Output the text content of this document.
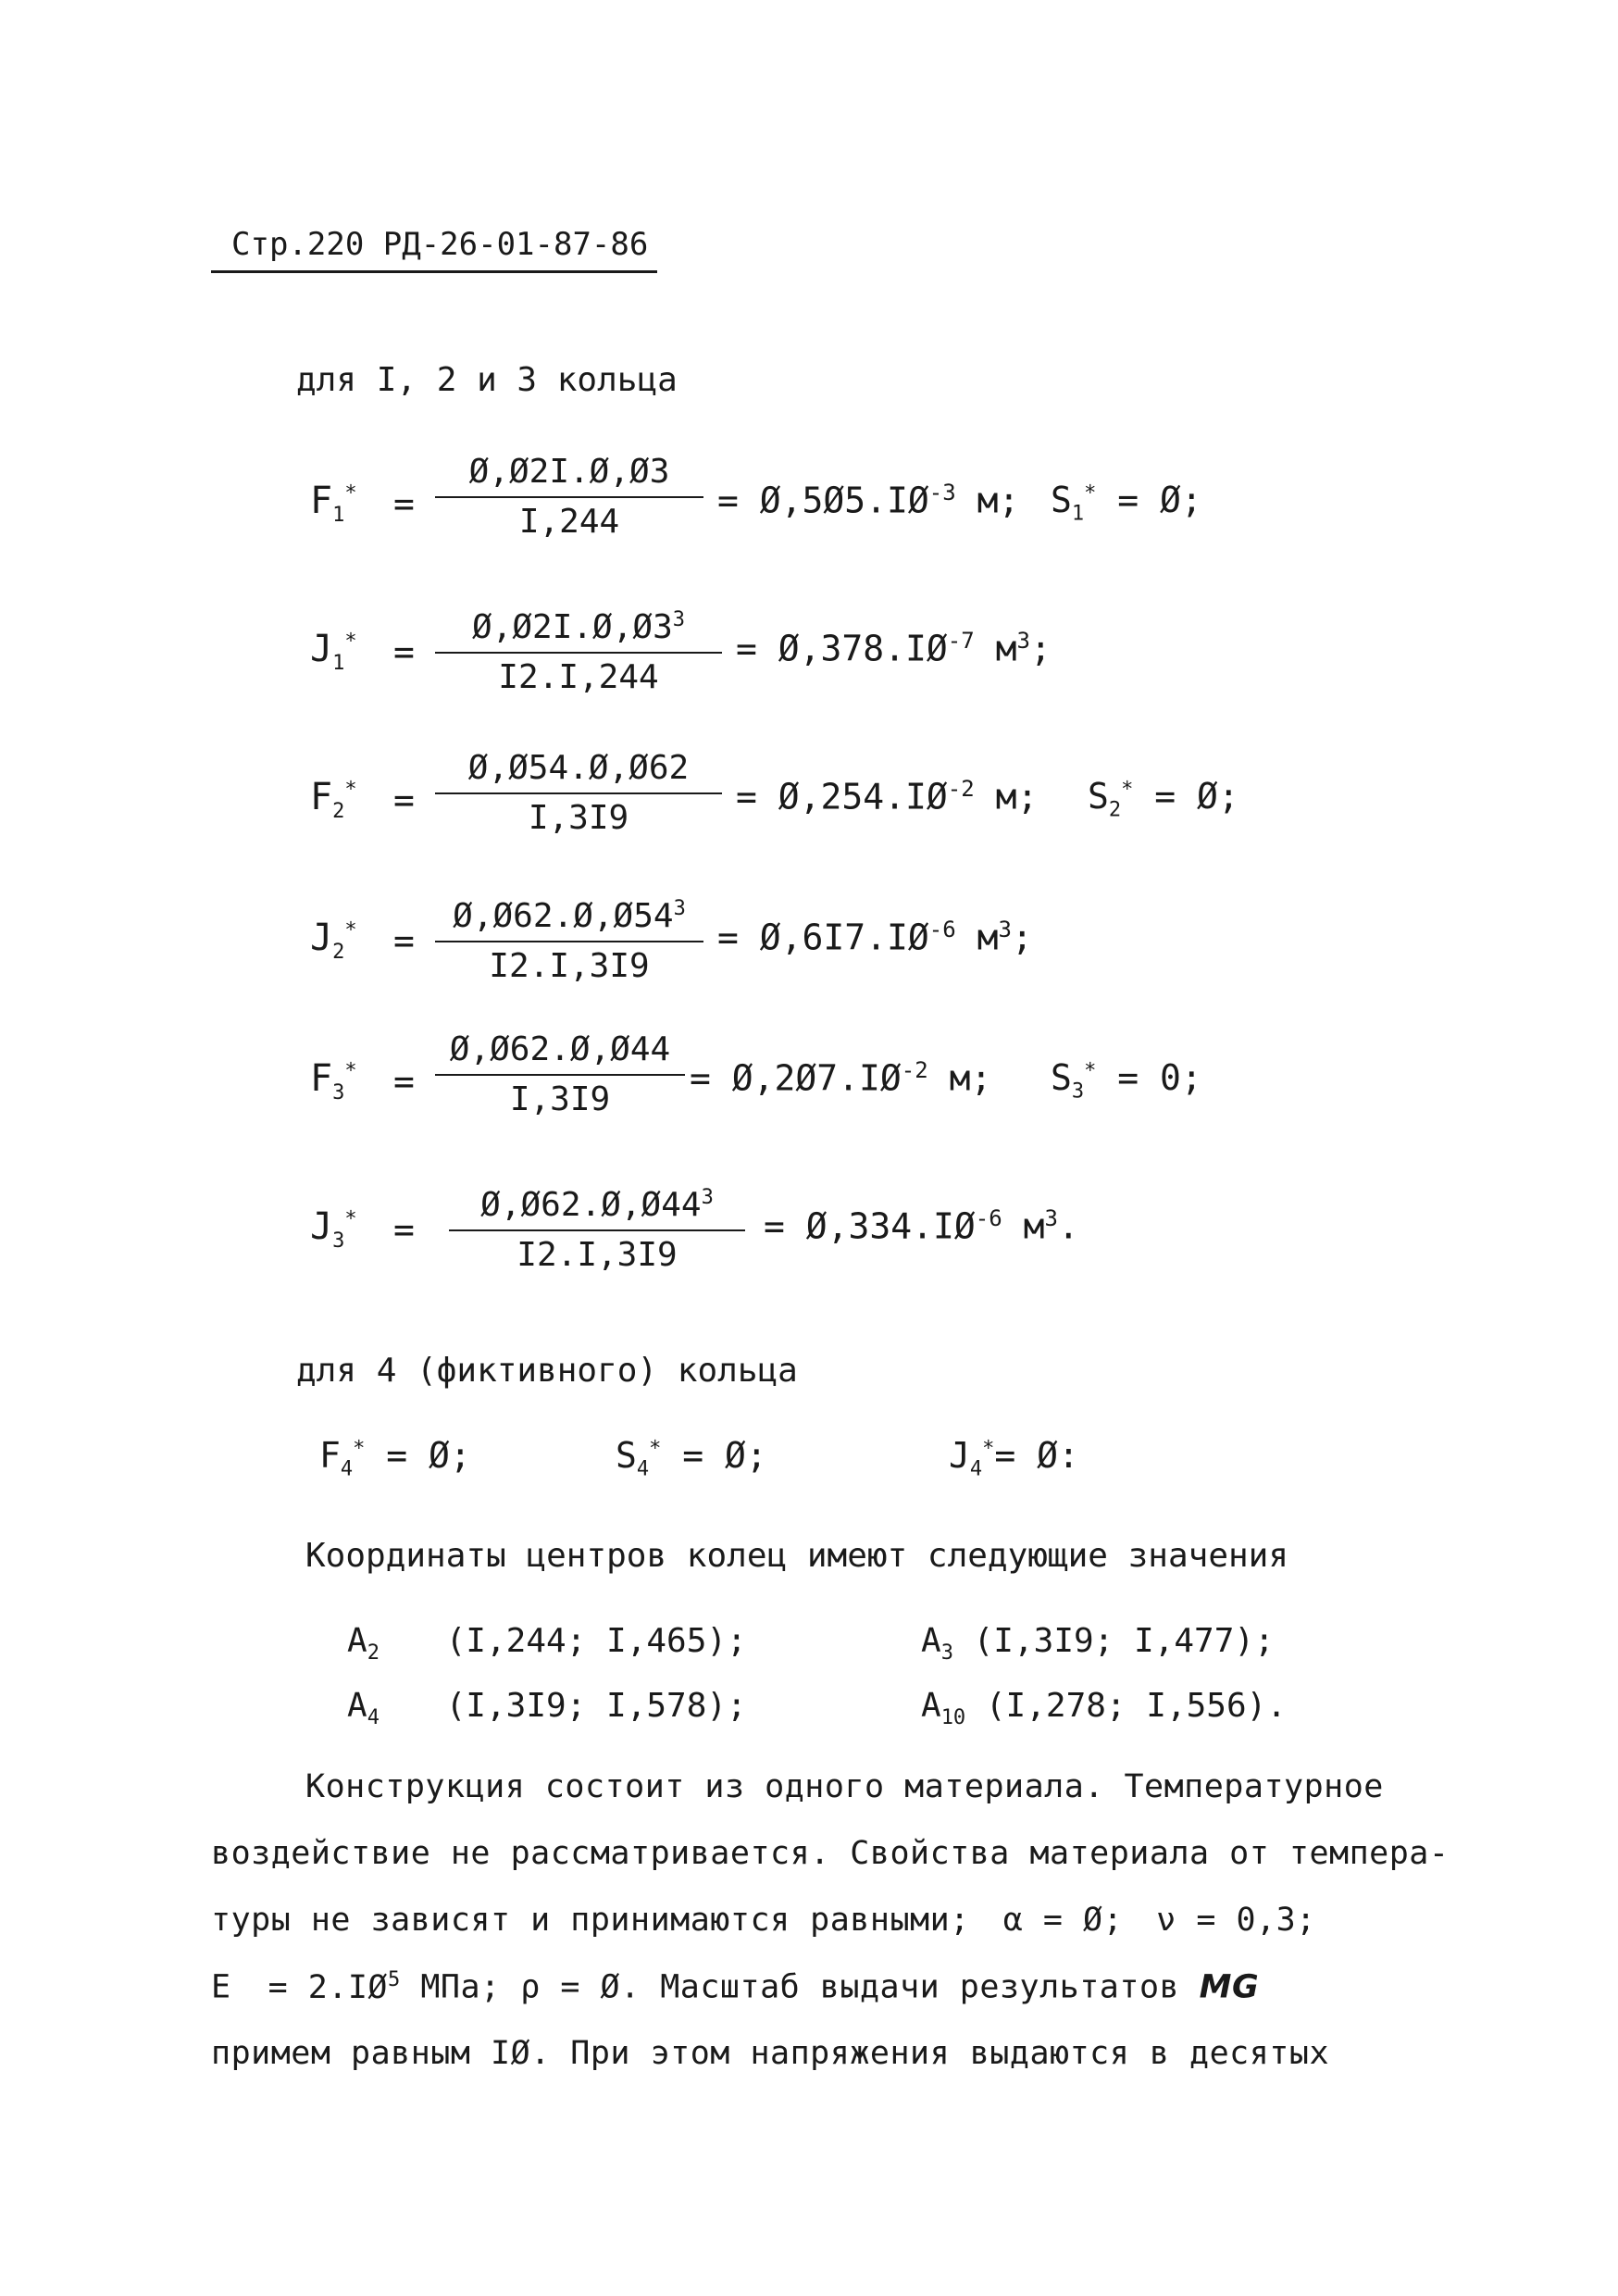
Стр.220 РД-26-01-87-86
для I, 2 и 3 кольца
$F_1^*$ =
Ø,Ø2I.Ø,Ø3
I,244
= $Ø,5Ø5.IØ^{-3}$ м; $S_1^*$ = Ø;
$J_1^*$ =
$Ø,Ø2I.Ø,Ø3^3$
I2.I,244
= $Ø,378.IØ^{-7}$ $м^3$;
$F_2^*$ =
Ø,Ø54.Ø,Ø62
I,3I9
= $Ø,254.IØ^{-2}$ м; $S_2^*$ = Ø;
$J_2^*$ =
$Ø,Ø62.Ø,Ø54^3$
I2.I,3I9
= $Ø,6I7.IØ^{-6}$ $м^3$;
$F_3^*$ =
Ø,Ø62.Ø,Ø44
I,3I9
= $Ø,2Ø7.IØ^{-2}$ м; $S_3^* = 0$;
$J_3^*$ =
$Ø,Ø62.Ø,Ø44^3$
I2.I,3I9
= $Ø,334.IØ^{-6}$ $м^3$.
для 4 (фиктивного) кольца
$F_4^*$ = Ø;	$S_4^*$ = Ø;	$J_4^*=$ Ø:
Координаты центров колец имеют следующие значения
$A_2$ (I,244; I,465);	$A_3$ (I,3I9; I,477);
$A_4$ (I,3I9; I,578);	$A_{10}$ (I,278; I,556).
Конструкция состоит из одного материала. Температурное
воздействие не рассматривается. Свойства материала от темпера-
туры не зависят и принимаются равными; α = Ø; ν = 0,3;
$E = 2.IØ^5$ МПа; ρ = Ø. Масштаб выдачи результатов MG
примем равным IØ. При этом напряжения выдаются в десятых
